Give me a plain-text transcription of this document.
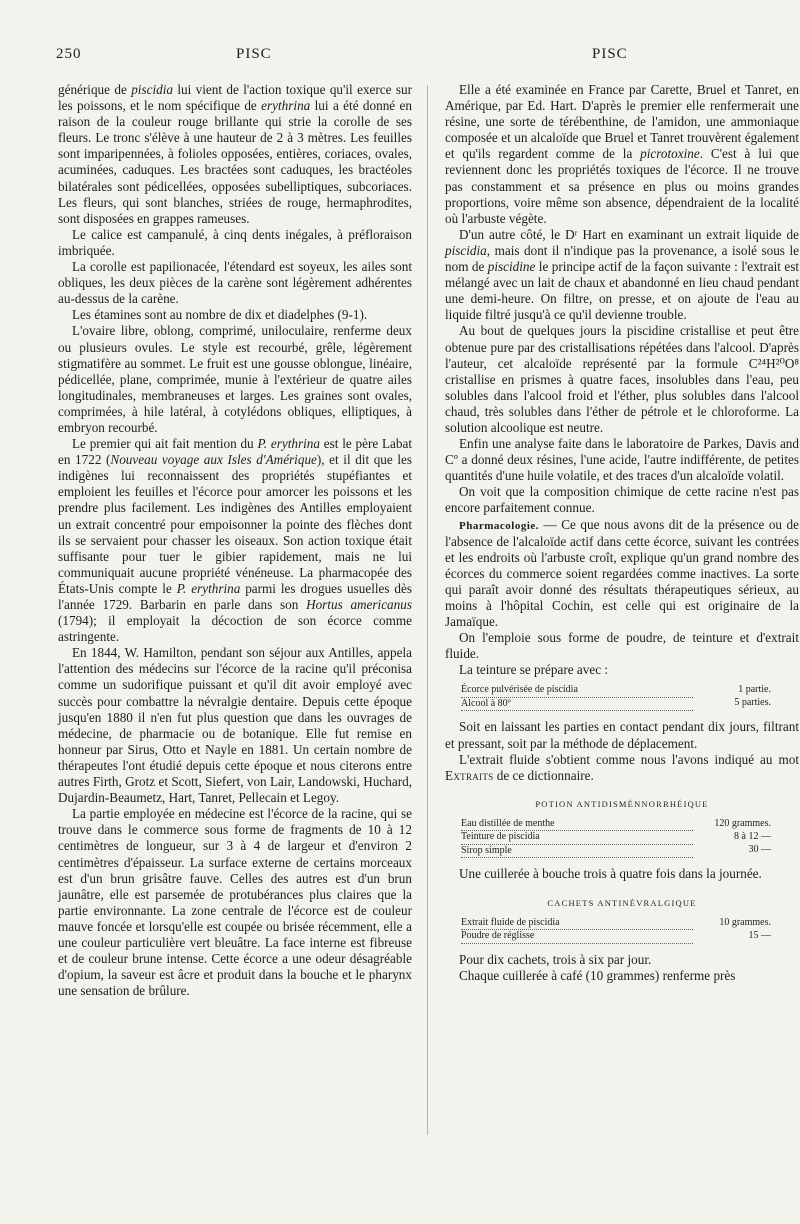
250	PISC	PISC

générique de piscidia lui vient de l'action toxique qu'il exerce sur les poissons, et le nom spécifique de erythrina lui a été donné en raison de la couleur rouge brillante qui strie la corolle de ses fleurs. Le tronc s'élève à une hauteur de 2 à 3 mètres. Les feuilles sont imparipennées, à folioles opposées, entières, coriaces, ovales, acuminées, caduques. Les bractées sont caduques, les bractéoles bilatérales sont pédicellées, opposées subelliptiques, subcoriaces. Les fleurs, qui sont blanches, striées de rouge, hermaphrodites, sont disposées en grappes rameuses.

Le calice est campanulé, à cinq dents inégales, à préfloraison imbriquée.

La corolle est papilionacée, l'étendard est soyeux, les ailes sont obliques, les deux pièces de la carène sont légèrement adhérentes au-dessus de la carène.

Les étamines sont au nombre de dix et diadelphes (9-1).

L'ovaire libre, oblong, comprimé, uniloculaire, renferme deux ou plusieurs ovules. Le style est recourbé, grêle, légèrement stigmatifère au sommet. Le fruit est une gousse oblongue, linéaire, pédicellée, plane, comprimée, munie à l'extérieur de quatre ailes longitudinales, membraneuses et larges. Les graines sont ovales, comprimées, à hile latéral, à cotylédons obliques, elliptiques, à embryon recourbé.

Le premier qui ait fait mention du P. erythrina est le père Labat en 1722 (Nouveau voyage aux Isles d'Amérique), et il dit que les indigènes lui reconnaissent des propriétés stupéfiantes et emploient les feuilles et l'écorce pour amorcer les poissons et les prendre plus facilement. Les indigènes des Antilles employaient un extrait concentré pour empoisonner la pointe des flèches dont ils se servaient pour chasser les oiseaux. Son action toxique était suffisante pour tuer le gibier rapidement, mais ne lui communiquait aucune propriété vénéneuse. La pharmacopée des États-Unis compte le P. erythrina parmi les drogues usuelles dès l'année 1729. Barbarin en parle dans son Hortus americanus (1794); il employait la décoction de son écorce comme astringente.

En 1844, W. Hamilton, pendant son séjour aux Antilles, appela l'attention des médecins sur l'écorce de la racine qu'il préconisa comme un sudorifique puissant et qu'il dit avoir employé avec succès pour combattre la névralgie dentaire. Depuis cette époque jusqu'en 1880 il n'en fut plus question que dans les ouvrages de médecine, de pharmacie ou de botanique. Elle fut remise en honneur par Sirus, Otto et Nayle en 1881. Un certain nombre de thérapeutes l'ont étudié depuis cette époque et nous citerons entre autres Firth, Grotz et Scott, Siefert, von Lair, Landowski, Huchard, Dujardin-Beaumetz, Hart, Tanret, Pellecain et Legoy.

La partie employée en médecine est l'écorce de la racine, qui se trouve dans le commerce sous forme de fragments de 10 à 12 centimètres de longueur, sur 3 à 4 de largeur et d'environ 2 centimètres d'épaisseur. La surface externe de certains morceaux est d'un brun grisâtre fauve. Celles des autres est d'un brun jaunâtre, elle est parsemée de protubérances plus claires que la partie environnante. La zone centrale de l'écorce est de couleur mauve foncée et lorsqu'elle est coupée ou brisée récemment, elle a une couleur particulière vert bleuâtre. La face interne est fibreuse et de couleur brune intense. Cette écorce a une odeur désagréable d'opium, la saveur est âcre et produit dans la bouche et le pharynx une sensation de brûlure.

Elle a été examinée en France par Carette, Bruel et Tanret, en Amérique, par Ed. Hart. D'après le premier elle renfermerait une résine, une sorte de térébenthine, de l'amidon, une ammoniaque composée et un alcaloïde que Bruel et Tanret trouvèrent également et qu'ils regardent comme de la picrotoxine. C'est à lui que reviennent donc les propriétés toxiques de l'écorce. Il ne trouve pas constamment et sa présence en plus ou moins grandes proportions, voire même son absence, dépendraient de la localité où l'arbuste végète.

D'un autre côté, le Dʳ Hart en examinant un extrait liquide de piscidia, mais dont il n'indique pas la provenance, a isolé sous le nom de piscidine le principe actif de la façon suivante : l'extrait est mélangé avec un lait de chaux et abandonné en lieu chaud pendant une demi-heure. On filtre, on presse, et on ajoute de l'eau au liquide filtré jusqu'à ce qu'il devienne trouble.

Au bout de quelques jours la piscidine cristallise et peut être obtenue pure par des cristallisations répétées dans l'alcool. D'après l'auteur, cet alcaloïde représenté par la formule C²⁴H²⁰O⁸ cristallise en prismes à quatre faces, insolubles dans l'eau, peu solubles dans l'alcool froid et l'éther, plus solubles dans l'alcool chaud, très solubles dans l'éther de pétrole et le chloroforme. La solution alcoolique est neutre.

Enfin une analyse faite dans le laboratoire de Parkes, Davis and Cº a donné deux résines, l'une acide, l'autre indifférente, de petites quantités d'une huile volatile, et des traces d'un alcaloïde volatil.

On voit que la composition chimique de cette racine n'est pas encore parfaitement connue.

Pharmacologie. — Ce que nous avons dit de la présence ou de l'absence de l'alcaloïde actif dans cette écorce, suivant les contrées et les endroits où l'arbuste croît, explique qu'un grand nombre des écorces du commerce soient regardées comme inactives. La sorte qui paraît avoir donné des résultats thérapeutiques sérieux, au moins à l'hôpital Cochin, est celle qui est originaire de la Jamaïque.

On l'emploie sous forme de poudre, de teinture et d'extrait fluide.

La teinture se prépare avec :

Écorce pulvérisée de piscidia	1 partie.
Alcool à 80º	5 parties.

Soit en laissant les parties en contact pendant dix jours, filtrant et pressant, soit par la méthode de déplacement.

L'extrait fluide s'obtient comme nous l'avons indiqué au mot Extraits de ce dictionnaire.

POTION ANTIDISMÉNNORRHÉIQUE

Eau distillée de menthe	120 grammes.
Teinture de piscidia	8 à 12 —
Sirop simple	30 —

Une cuillerée à bouche trois à quatre fois dans la journée.

CACHETS ANTINÉVRALGIQUE

Extrait fluide de piscidia	10 grammes.
Poudre de réglisse	15 —

Pour dix cachets, trois à six par jour.

Chaque cuillerée à café (10 grammes) renferme près
